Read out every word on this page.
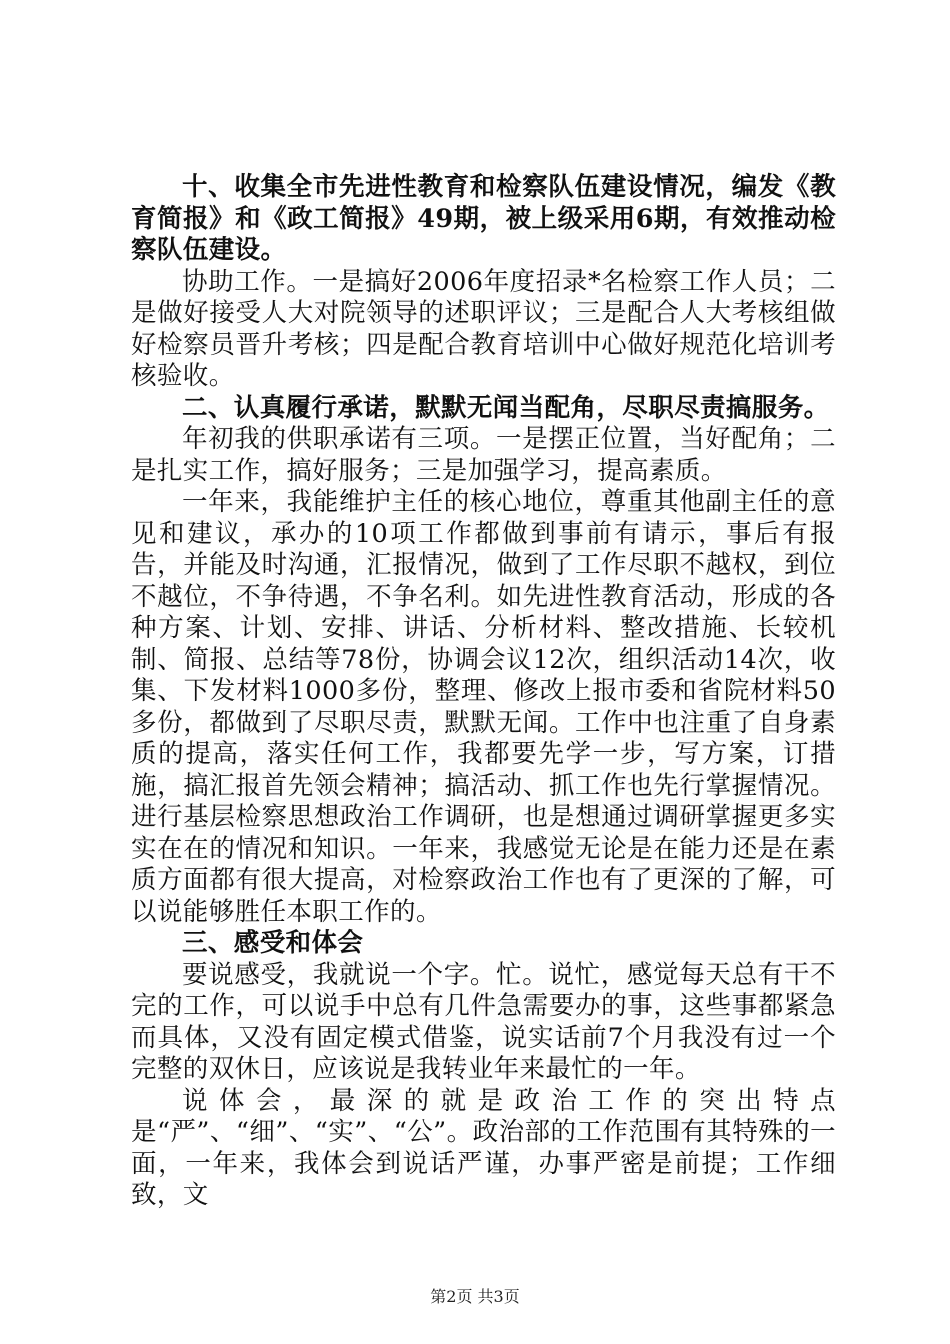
十、收集全市先进性教育和检察队伍建设情况，编发《教育简报》和《政工简报》49期，被上级采用6期，有效推动检察队伍建设。

协助工作。一是搞好2006年度招录*名检察工作人员；二是做好接受人大对院领导的述职评议；三是配合人大考核组做好检察员晋升考核；四是配合教育培训中心做好规范化培训考核验收。

二、认真履行承诺，默默无闻当配角，尽职尽责搞服务。

年初我的供职承诺有三项。一是摆正位置，当好配角；二是扎实工作，搞好服务；三是加强学习，提高素质。

一年来，我能维护主任的核心地位，尊重其他副主任的意见和建议，承办的10项工作都做到事前有请示，事后有报告，并能及时沟通，汇报情况，做到了工作尽职不越权，到位不越位，不争待遇，不争名利。如先进性教育活动，形成的各种方案、计划、安排、讲话、分析材料、整改措施、长较机制、简报、总结等78份，协调会议12次，组织活动14次，收集、下发材料1000多份，整理、修改上报市委和省院材料50多份，都做到了尽职尽责，默默无闻。工作中也注重了自身素质的提高，落实任何工作，我都要先学一步，写方案，订措施，搞汇报首先领会精神；搞活动、抓工作也先行掌握情况。进行基层检察思想政治工作调研，也是想通过调研掌握更多实实在在的情况和知识。一年来，我感觉无论是在能力还是在素质方面都有很大提高，对检察政治工作也有了更深的了解，可以说能够胜任本职工作的。

三、感受和体会

要说感受，我就说一个字。忙。说忙，感觉每天总有干不完的工作，可以说手中总有几件急需要办的事，这些事都紧急而具体，又没有固定模式借鉴，说实话前7个月我没有过一个完整的双休日，应该说是我转业年来最忙的一年。

说体会，最深的就是政治工作的突出特点是“严”、“细”、“实”、“公”。政治部的工作范围有其特殊的一面，一年来，我体会到说话严谨，办事严密是前提；工作细致，文

第2页 共3页
